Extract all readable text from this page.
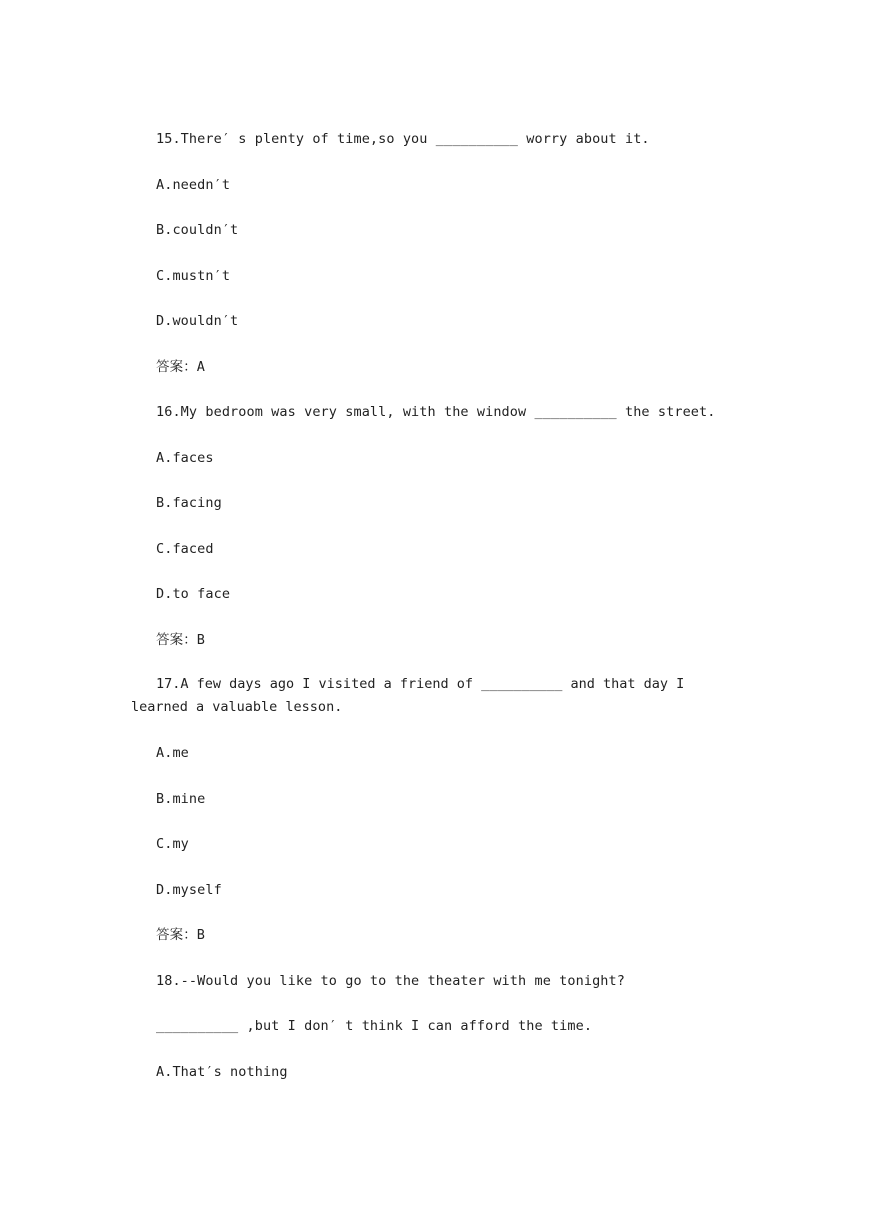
15.There′ s plenty of time,so you __________ worry about it.
A.needn′t
B.couldn′t
C.mustn′t
D.wouldn′t
答案：A
16.My bedroom was very small, with the window __________ the street.
A.faces
B.facing
C.faced
D.to face
答案：B
17.A few days ago I visited a friend of __________ and that day I learned a valuable lesson.
A.me
B.mine
C.my
D.myself
答案：B
18.--Would you like to go to the theater with me tonight?
__________ ,but I don′ t think I can afford the time.
A.That′s nothing
